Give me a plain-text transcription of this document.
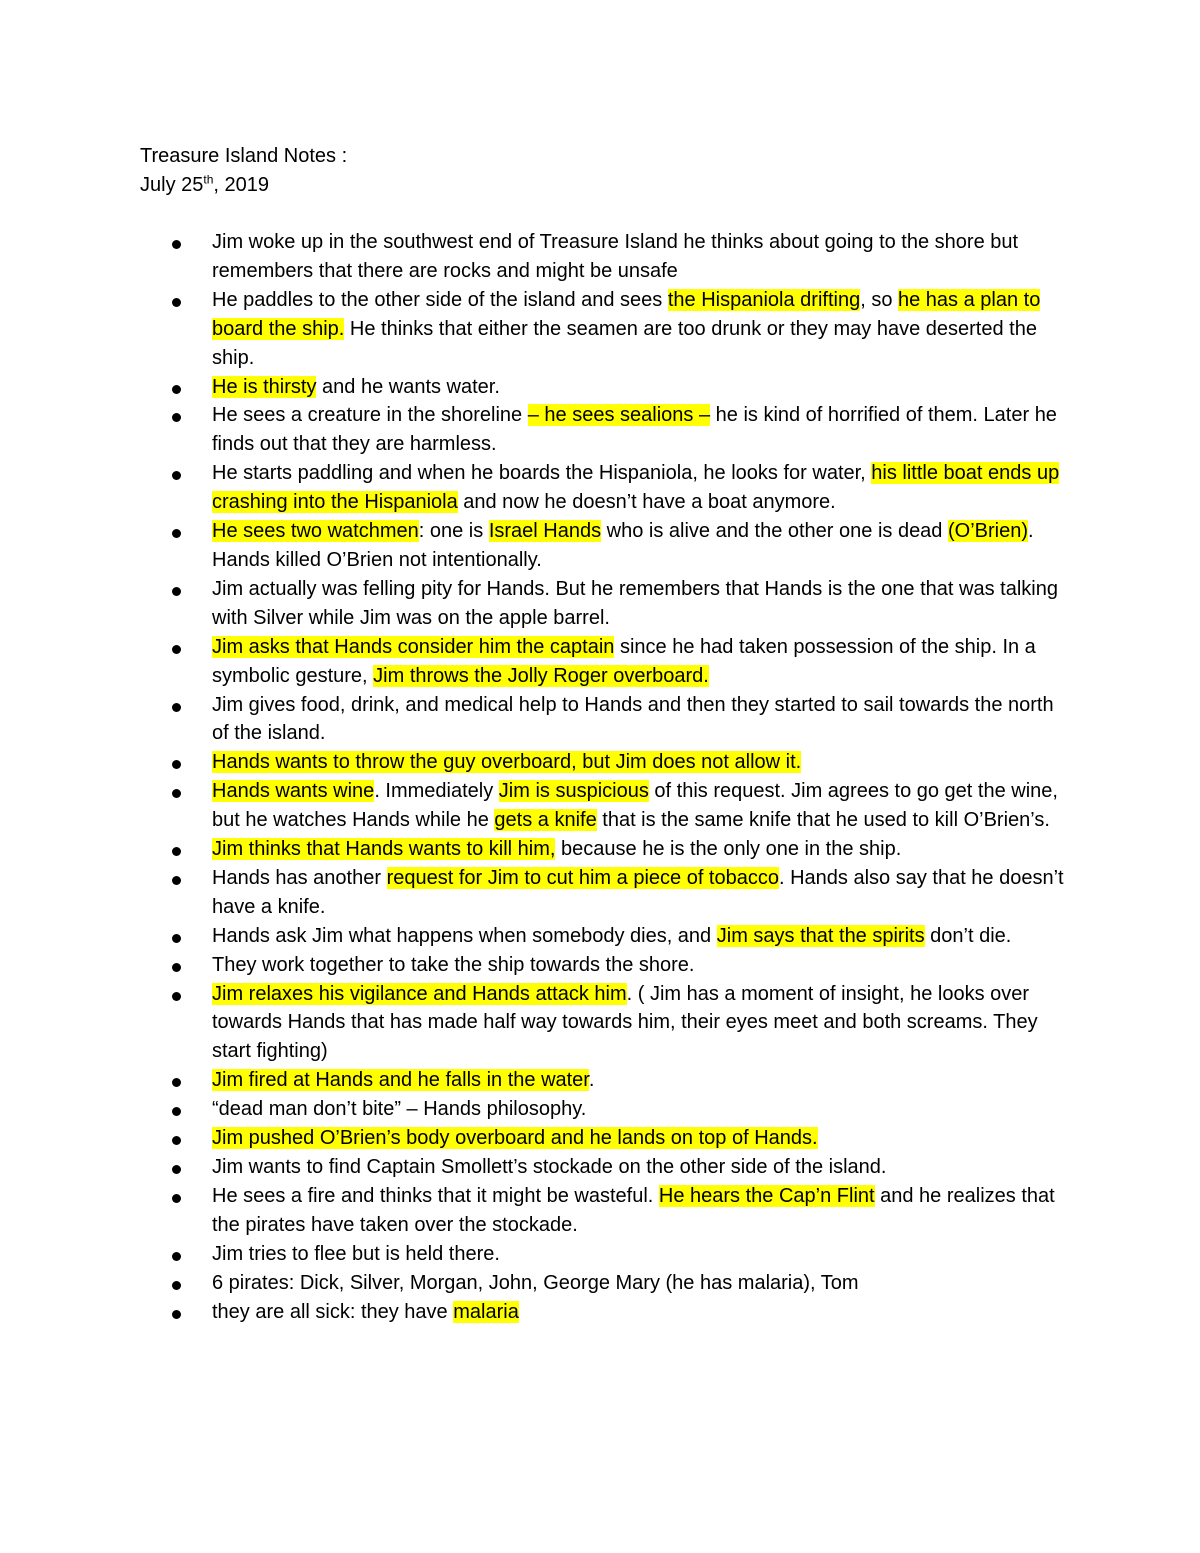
Treasure Island Notes :
July 25th, 2019
Jim woke up in the southwest end of Treasure Island he thinks about going to the shore but remembers that there are rocks and might be unsafe
He paddles to the other side of the island and sees the Hispaniola drifting, so he has a plan to board the ship. He thinks that either the seamen are too drunk or they may have deserted the ship.
He is thirsty and he wants water.
He sees a creature in the shoreline – he sees sealions – he is kind of horrified of them. Later he finds out that they are harmless.
He starts paddling and when he boards the Hispaniola, he looks for water, his little boat ends up crashing into the Hispaniola and now he doesn’t have a boat anymore.
He sees two watchmen: one is Israel Hands who is alive and the other one is dead (O’Brien). Hands killed O’Brien not intentionally.
Jim actually was felling pity for Hands. But he remembers that Hands is the one that was talking with Silver while Jim was on the apple barrel.
Jim asks that Hands consider him the captain since he had taken possession of the ship. In a symbolic gesture, Jim throws the Jolly Roger overboard.
Jim gives food, drink, and medical help to Hands and then they started to sail towards the north of the island.
Hands wants to throw the guy overboard, but Jim does not allow it.
Hands wants wine. Immediately Jim is suspicious of this request. Jim agrees to go get the wine, but he watches Hands while he gets a knife that is the same knife that he used to kill O’Brien’s.
Jim thinks that Hands wants to kill him, because he is the only one in the ship.
Hands has another request for Jim to cut him a piece of tobacco. Hands also say that he doesn’t have a knife.
Hands ask Jim what happens when somebody dies, and Jim says that the spirits don’t die.
They work together to take the ship towards the shore.
Jim relaxes his vigilance and Hands attack him. ( Jim has a moment of insight, he looks over towards Hands that has made half way towards him, their eyes meet and both screams. They start fighting)
Jim fired at Hands and he falls in the water.
“dead man don’t bite” – Hands philosophy.
Jim pushed O’Brien’s body overboard and he lands on top of Hands.
Jim wants to find Captain Smollett’s stockade on the other side of the island.
He sees a fire and thinks that it might be wasteful. He hears the Cap’n Flint and he realizes that the pirates have taken over the stockade.
Jim tries to flee but is held there.
6 pirates: Dick, Silver, Morgan, John, George Mary (he has malaria), Tom
they are all sick: they have malaria
